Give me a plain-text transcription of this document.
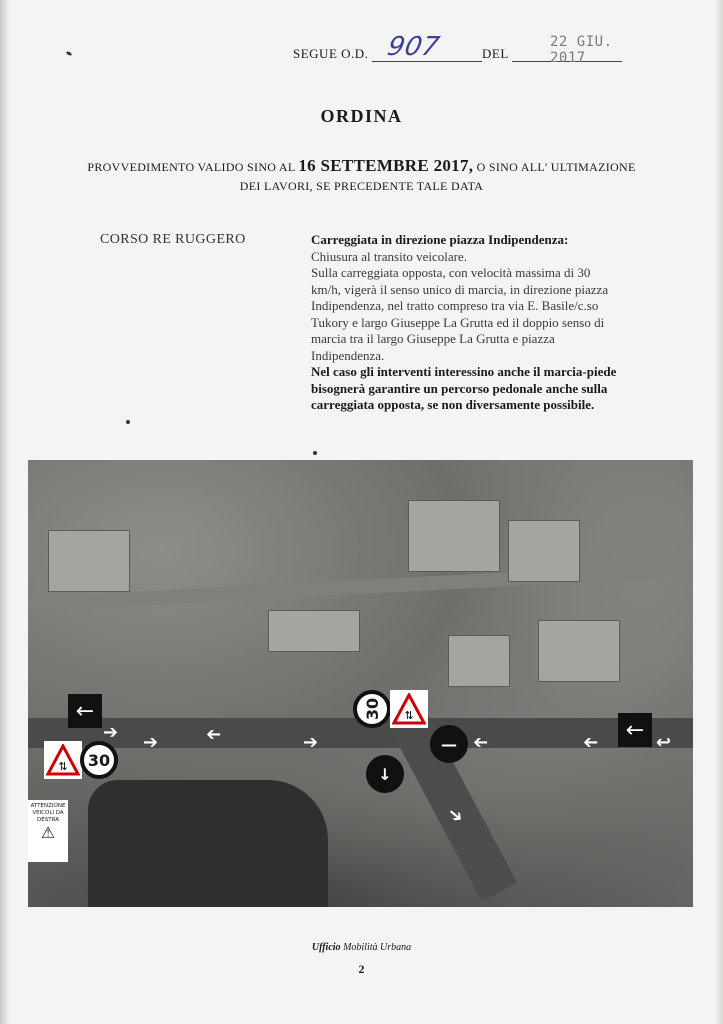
SEGUE O.D. 907	DEL
22 GIU. 2017
ORDINA
PROVVEDIMENTO VALIDO SINO AL 16 SETTEMBRE 2017, O SINO ALL' ULTIMAZIONE
DEI LAVORI, SE PRECEDENTE TALE DATA
CORSO RE RUGGERO	Carreggiata in direzione piazza Indipendenza:
Chiusura al transito veicolare.
Sulla carreggiata opposta, con velocità massima di 30 km/h, vigerà il senso unico di marcia, in direzione piazza Indipendenza, nel tratto compreso tra via E. Basile/c.so Tukory e largo Giuseppe La Grutta ed il doppio senso di marcia tra il largo Giuseppe La Grutta e piazza Indipendenza.
Nel caso gli interventi interessino anche il marcia-piede bisognerà garantire un percorso pedonale anche sulla carreggiata opposta, se non diversamente possibile.
←
⇅	30
30	⇅
—
↓
←
➔ ➔	➔	➔	➔	➔	↩
➔
ATTENZIONE VEICOLI DA DESTRA
⚠
Ufficio Mobilità Urbana
2
